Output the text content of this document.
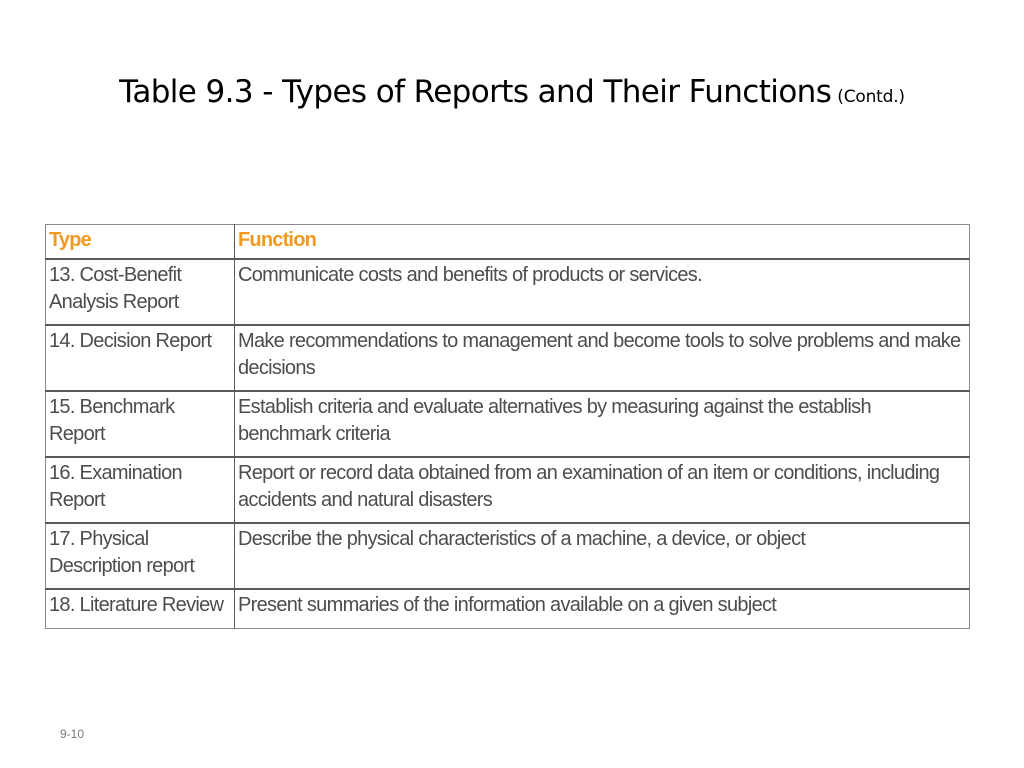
Table 9.3 - Types of Reports and Their Functions (Contd.)
Type	Function
13. Cost-Benefit Analysis Report	Communicate costs and benefits of products or services.
14. Decision Report	Make recommendations to management and become tools to solve problems and make decisions
15. Benchmark Report	Establish criteria and evaluate alternatives by measuring against the establish benchmark criteria
16. Examination Report	Report or record data obtained from an examination of an item or conditions, including accidents and natural disasters
17. Physical Description report	Describe the physical characteristics of a machine, a device, or object
18. Literature Review	Present summaries of the information available on a given subject
9-10
